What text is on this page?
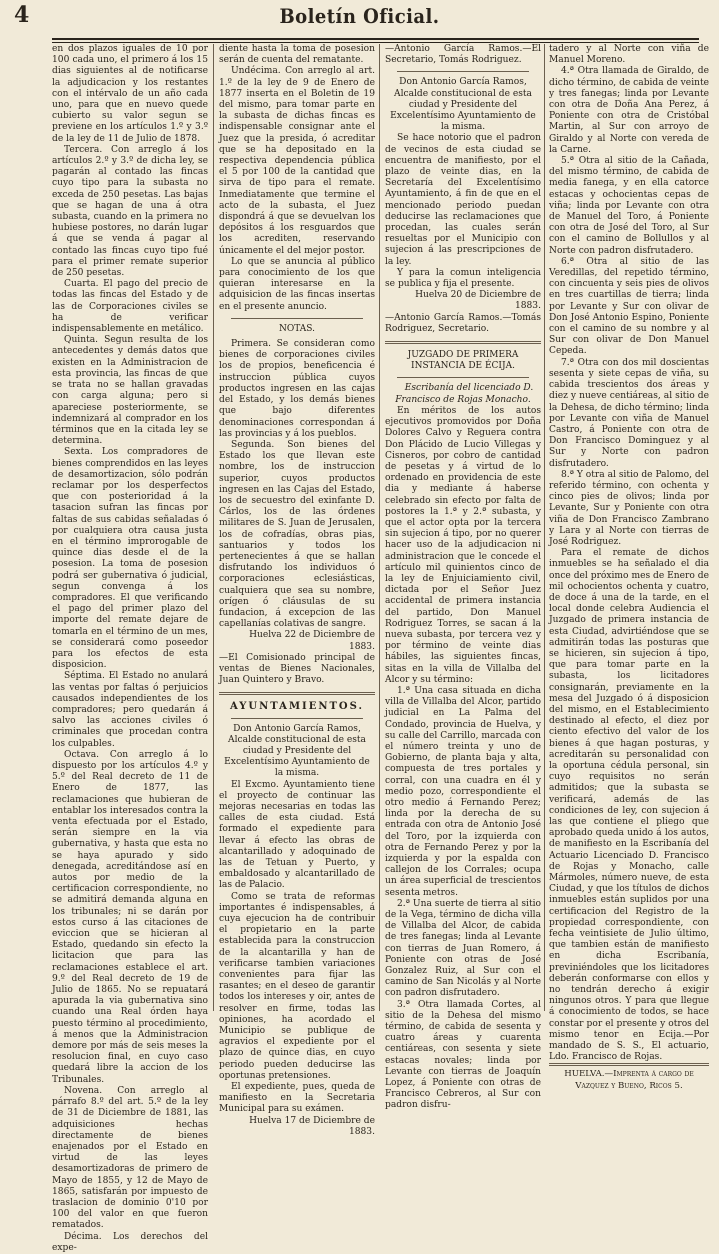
4	Boletín Oficial.

en dos plazos iguales de 10 por 100 cada uno, el primero á los 15 dias siguientes al de notificarse la adjudicacion y los restantes con el intérvalo de un año cada uno, para que en nuevo quede cubierto su valor segun se previene en los artículos 1.º y 3.º de la ley de 11 de Julio de 1878.

Tercera. Con arreglo á los artículos 2.º y 3.º de dicha ley, se pagarán al contado las fincas cuyo tipo para la subasta no exceda de 250 pesetas. Las bajas que se hagan de una á otra subasta, cuando en la primera no hubiese postores, no darán lugar á que se venda á pagar al contado las fincas cuyo tipo fué para el primer remate superior de 250 pesetas.

Cuarta. El pago del precio de todas las fincas del Estado y de las de Corporaciones civiles se ha de verificar indispensablemente en metálico.

Quinta. Segun resulta de los antecedentes y demás datos que existen en la Administracion de esta provincia, las fincas de que se trata no se hallan gravadas con carga alguna; pero si apareciese posteriormente, se indemnizará al comprador en los términos que en la citada ley se determina.

Sexta. Los compradores de bienes comprendidos en las leyes de desamortizacion, sólo podrán reclamar por los desperfectos que con posterioridad á la tasacion sufran las fincas por faltas de sus cabidas señaladas ó por cualquiera otra causa justa en el término improrogable de quince dias desde el de la posesion. La toma de posesion podrá ser gubernativa ó judicial, segun convenga á los compradores. El que verificando el pago del primer plazo del importe del remate dejare de tomarla en el término de un mes, se considerará como poseedor para los efectos de esta disposicion.

Séptima. El Estado no anulará las ventas por faltas ó perjuicios causados independientes de los compradores; pero quedarán á salvo las acciones civiles ó criminales que procedan contra los culpables.

Octava. Con arreglo á lo dispuesto por los artículos 4.º y 5.º del Real decreto de 11 de Enero de 1877, las reclamaciones que hubieran de entablar los interesados contra la venta efectuada por el Estado, serán siempre en la via gubernativa, y hasta que esta no se haya apurado y sido denegada, acreditándose así en autos por medio de la certificacion correspondiente, no se admitirá demanda alguna en los tribunales; ni se darán por estos curso á las citaciones de eviccion que se hicieran al Estado, quedando sin efecto la licitacion que para las reclamaciones establece el art. 9.º del Real decreto de 19 de Julio de 1865. No se repuatará apurada la via gubernativa sino cuando una Real órden haya puesto término al procedimiento, á menos que la Administracion demore por más de seis meses la resolucion final, en cuyo caso quedará libre la accion de los Tribunales.

Novena. Con arreglo al párrafo 8.º del art. 5.º de la ley de 31 de Diciembre de 1881, las adquisiciones hechas directamente de bienes enajenados por el Estado en virtud de las leyes desamortizadoras de primero de Mayo de 1855, y 12 de Mayo de 1865, satisfarán por impuesto de traslacion de dominio 0'10 por 100 del valor en que fueron rematados.

Décima. Los derechos del expe-

diente hasta la toma de posesion serán de cuenta del rematante.

Undécima. Con arreglo al art. 1.º de la ley de 9 de Enero de 1877 inserta en el Boletin de 19 del mismo, para tomar parte en la subasta de dichas fincas es indispensable consignar ante el Juez que la presida, ó acreditar que se ha depositado en la respectiva dependencia pública el 5 por 100 de la cantidad que sirva de tipo para el remate. Inmediatamente que termine el acto de la subasta, el Juez dispondrá á que se devuelvan los depósitos á los resguardos que los acrediten, reservando únicamente el del mejor postor.

Lo que se anuncia al público para conocimiento de los que quieran interesarse en la adquisicion de las fincas insertas en el presente anuncio.

NOTAS.

Primera. Se consideran como bienes de corporaciones civiles los de propios, beneficencia é instruccion pública cuyos productos ingresen en las cajas del Estado, y los demás bienes que bajo diferentes denominaciones correspondan á las provincias y á los pueblos.

Segunda. Son bienes del Estado los que llevan este nombre, los de instruccion superior, cuyos productos ingresen en las Cajas del Estado, los de secuestro del exinfante D. Cárlos, los de las órdenes militares de S. Juan de Jerusalen, los de cofradías, obras pias, santuarios y todos los pertenecientes á que se hallan disfrutando los individuos ó corporaciones eclesiásticas, cualquiera que sea su nombre, orígen ó cláusulas de su fundacion, á excepcion de las capellanías colativas de sangre.

Huelva 22 de Diciembre de 1883.

—El Comisionado principal de ventas de Bienes Nacionales, Juan Quintero y Bravo.

AYUNTAMIENTOS.

Don Antonio García Ramos, Alcalde constitucional de esta ciudad y Presidente del Excelentísimo Ayuntamiento de la misma.

El Excmo. Ayuntamiento tiene el proyecto de continuar las mejoras necesarias en todas las calles de esta ciudad. Está formado el expediente para llevar á efecto las obras de alcantarillado y adoquinado de las de Tetuan y Puerto, y embaldosado y alcantarillado de las de Palacio.

Como se trata de reformas importantes é indispensables, á cuya ejecucion ha de contribuir el propietario en la parte establecida para la construccion de la alcantarilla y han de verificarse tambien variaciones convenientes para fijar las rasantes; en el deseo de garantir todos los intereses y oir, antes de resolver en firme, todas las opiniones, ha acordado el Municipio se publique de agravios el expediente por el plazo de quince dias, en cuyo periodo pueden deducirse las oportunas pretensiones.

El expediente, pues, queda de manifiesto en la Secretaria Municipal para su exámen.

Huelva 17 de Diciembre de 1883.

—Antonio García Ramos.—El Secretario, Tomás Rodriguez.

Don Antonio García Ramos, Alcalde constitucional de esta ciudad y Presidente del Excelentísimo Ayuntamiento de la misma.

Se hace notorio que el padron de vecinos de esta ciudad se encuentra de manifiesto, por el plazo de veinte dias, en la Secretaría del Excelentísimo Ayuntamiento, á fin de que en el mencionado periodo puedan deducirse las reclamaciones que procedan, las cuales serán resueltas por el Municipio con sujecion á las prescripciones de la ley.

Y para la comun inteligencia se publica y fija el presente.

Huelva 20 de Diciembre de 1883.

—Antonio García Ramos.—Tomás Rodriguez, Secretario.

JUZGADO DE PRIMERA INSTANCIA DE ÉCIJA.

Escribanía del licenciado D. Francisco de Rojas Monacho.

En méritos de los autos ejecutivos promovidos por Doña Dolores Calvo y Reguera contra Don Plácido de Lucio Villegas y Cisneros, por cobro de cantidad de pesetas y á virtud de lo ordenado en providencia de este dia y mediante á haberse celebrado sin efecto por falta de postores la 1.ª y 2.ª subasta, y que el actor opta por la tercera sin sujecion á tipo, por no querer hacer uso de la adjudicacion ni administracion que le concede el artículo mil quinientos cinco de la ley de Enjuiciamiento civil, dictada por el Señor Juez accidental de primera instancia del partido, Don Manuel Rodriguez Torres, se sacan á la nueva subasta, por tercera vez y por término de veinte dias hábiles, las siguientes fincas, sitas en la villa de Villalba del Alcor y su término:

1.ª Una casa situada en dicha villa de Villalba del Alcor, partido judicial en La Palma del Condado, provincia de Huelva, y su calle del Carrillo, marcada con el número treinta y uno de Gobierno, de planta baja y alta, compuesta de tres portales y corral, con una cuadra en él y medio pozo, correspondiente el otro medio á Fernando Perez; linda por la derecha de su entrada con otra de Antonio José del Toro, por la izquierda con otra de Fernando Perez y por la izquierda y por la espalda con callejon de los Corrales; ocupa un área superficial de trescientos sesenta metros.

2.ª Una suerte de tierra al sitio de la Vega, término de dicha villa de Villalba del Alcor, de cabida de tres fanegas; linda al Levante con tierras de Juan Romero, á Poniente con otras de José Gonzalez Ruiz, al Sur con el camino de San Nicolás y al Norte con padron disfrutadero.

3.ª Otra llamada Cortes, al sitio de la Dehesa del mismo término, de cabida de sesenta y cuatro áreas y cuarenta centiáreas, con sesenta y siete estacas novales; linda por Levante con tierras de Joaquín Lopez, á Poniente con otras de Francisco Cebreros, al Sur con padron disfru-

tadero y al Norte con viña de Manuel Moreno.

4.ª Otra llamada de Giraldo, de dicho término, de cabida de veinte y tres fanegas; linda por Levante con otra de Doña Ana Perez, á Poniente con otra de Cristóbal Martin, al Sur con arroyo de Giraldo y al Norte con vereda de la Carne.

5.ª Otra al sitio de la Cañada, del mismo término, de cabida de media fanega, y en ella catorce estacas y ochocientas cepas de viña; linda por Levante con otra de Manuel del Toro, á Poniente con otra de José del Toro, al Sur con el camino de Bollullos y al Norte con padron disfrutadero.

6.ª Otra al sitio de las Veredillas, del repetido término, con cincuenta y seis pies de olivos en tres cuartillas de tierra; linda por Levante y Sur con olivar de Don José Antonio Espino, Poniente con el camino de su nombre y al Sur con olivar de Don Manuel Cepeda.

7.ª Otra con dos mil doscientas sesenta y siete cepas de viña, su cabida trescientos dos áreas y diez y nueve centiáreas, al sitio de la Dehesa, de dicho término; linda por Levante con viña de Manuel Castro, á Poniente con otra de Don Francisco Dominguez y al Sur y Norte con padron disfrutadero.

8.ª Y otra al sitio de Palomo, del referido término, con ochenta y cinco pies de olivos; linda por Levante, Sur y Poniente con otra viña de Don Francisco Zambrano y Lara y al Norte con tierras de José Rodriguez.

Para el remate de dichos inmuebles se ha señalado el dia once del próximo mes de Enero de mil ochocientos ochenta y cuatro, de doce á una de la tarde, en el local donde celebra Audiencia el Juzgado de primera instancia de esta Ciudad, advirtiéndose que se admitirán todas las posturas que se hicieren, sin sujecion á tipo, que para tomar parte en la subasta, los licitadores consignarán, previamente en la mesa del Juzgado ó á disposicion del mismo, en el Establecimiento destinado al efecto, el diez por ciento efectivo del valor de los bienes á que hagan posturas, y acreditarán su personalidad con la oportuna cédula personal, sin cuyo requisitos no serán admitidos; que la subasta se verificará, además de las condiciones de ley, con sujecion á las que contiene el pliego que aprobado queda unido á los autos, de manifiesto en la Escribanía del Actuario Licenciado D. Francisco de Rojas y Monacho, calle Mármoles, número nueve, de esta Ciudad, y que los títulos de dichos inmuebles están suplidos por una certificacion del Registro de la propiedad correspondiente, con fecha veintisiete de Julio último, que tambien están de manifiesto en dicha Escribanía, previniéndoles que los licitadores deberán conformarse con ellos y no tendrán derecho á exigir ningunos otros. Y para que llegue á conocimiento de todos, se hace constar por el presente y otros del mismo tenor en Ecija.—Por mandado de S. S., El actuario, Ldo. Francisco de Rojas.

HUELVA.—Imprenta á cargo de Vazquez y Bueno, Ricos 5.
